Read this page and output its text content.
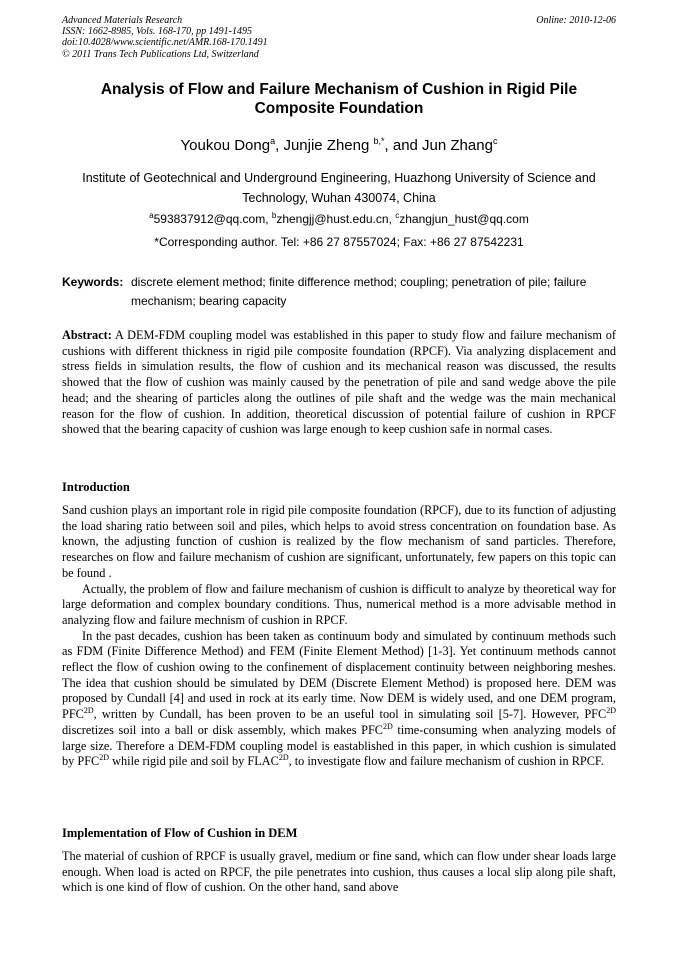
Advanced Materials Research
ISSN: 1662-8985, Vols. 168-170, pp 1491-1495
doi:10.4028/www.scientific.net/AMR.168-170.1491
© 2011 Trans Tech Publications Ltd, Switzerland
Online: 2010-12-06
Analysis of Flow and Failure Mechanism of Cushion in Rigid Pile
Composite Foundation
Youkou Dong$^a$, Junjie Zheng $^{b,*}$, and Jun Zhang$^c$
Institute of Geotechnical and Underground Engineering, Huazhong University of Science and
Technology, Wuhan 430074, China
$^a$593837912@qq.com, $^b$zhengjj@hust.edu.cn, $^c$zhangjun_hust@qq.com
*Corresponding author. Tel: +86 27 87557024; Fax: +86 27 87542231
Keywords: discrete element method; finite difference method; coupling; penetration of pile; failure mechanism; bearing capacity

Abstract: A DEM-FDM coupling model was established in this paper to study flow and failure mechanism of cushions with different thickness in rigid pile composite foundation (RPCF). Via analyzing displacement and stress fields in simulation results, the flow of cushion and its mechanical reason was discussed, the results showed that the flow of cushion was mainly caused by the penetration of pile and sand wedge above the pile head; and the shearing of particles along the outlines of pile shaft and the wedge was the main mechanical reason for the flow of cushion. In addition, theoretical discussion of potential failure of cushion in RPCF showed that the bearing capacity of cushion was large enough to keep cushion safe in normal cases.

Introduction

Sand cushion plays an important role in rigid pile composite foundation (RPCF), due to its function of adjusting the load sharing ratio between soil and piles, which helps to avoid stress concentration on foundation base. As known, the adjusting function of cushion is realized by the flow mechanism of sand particles. Therefore, researches on flow and failure mechanism of cushion are significant, unfortunately, few papers on this topic can be found .

Actually, the problem of flow and failure mechanism of cushion is difficult to analyze by theoretical way for large deformation and complex boundary conditions. Thus, numerical method is a more advisable method in analyzing flow and failure mechnism of cushion in RPCF.

In the past decades, cushion has been taken as continuum body and simulated by continuum methods such as FDM (Finite Difference Method) and FEM (Finite Element Method) [1-3]. Yet continuum methods cannot reflect the flow of cushion owing to the confinement of displacement continuity between neighboring meshes. The idea that cushion should be simulated by DEM (Discrete Element Method) is proposed here. DEM was proposed by Cundall [4] and used in rock at its early time. Now DEM is widely used, and one DEM program, $PFC^{2D}$, written by Cundall, has been proven to be an useful tool in simulating soil [5-7]. However, $PFC^{2D}$ discretizes soil into a ball or disk assembly, which makes $PFC^{2D}$ time-consuming when analyzing models of large size. Therefore a DEM-FDM coupling model is eastablished in this paper, in which cushion is simulated by $PFC^{2D}$ while rigid pile and soil by $FLAC^{2D}$, to investigate flow and failure mechanism of cushion in RPCF.

Implementation of Flow of Cushion in DEM

The material of cushion of RPCF is usually gravel, medium or fine sand, which can flow under shear loads large enough. When load is acted on RPCF, the pile penetrates into cushion, thus causes a local slip along pile shaft, which is one kind of flow of cushion. On the other hand, sand above
